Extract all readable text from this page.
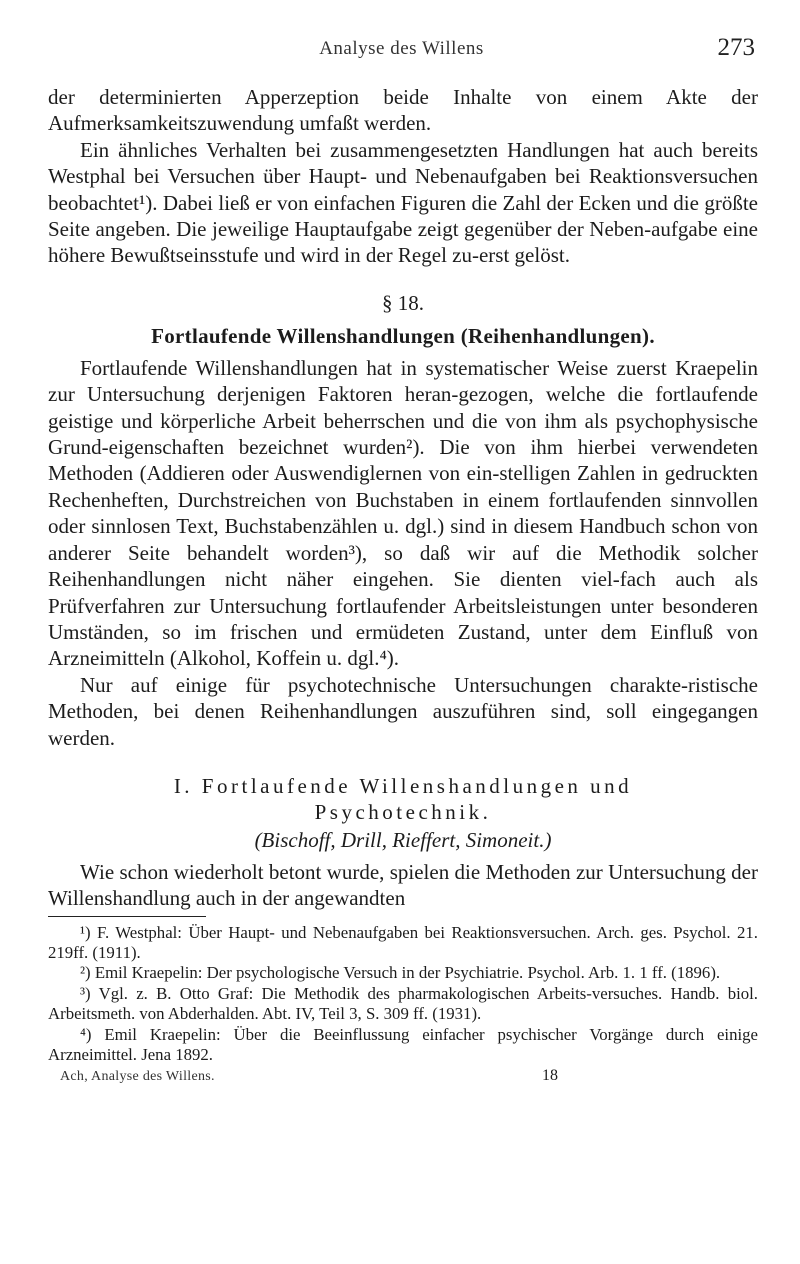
Analyse des Willens	273

der determinierten Apperzeption beide Inhalte von einem Akte der Aufmerksamkeitszuwendung umfaßt werden.

Ein ähnliches Verhalten bei zusammengesetzten Handlungen hat auch bereits Westphal bei Versuchen über Haupt- und Nebenaufgaben bei Reaktionsversuchen beobachtet¹). Dabei ließ er von einfachen Figuren die Zahl der Ecken und die größte Seite angeben. Die jeweilige Hauptaufgabe zeigt gegenüber der Neben-aufgabe eine höhere Bewußtseinsstufe und wird in der Regel zu-erst gelöst.

§ 18.
Fortlaufende Willenshandlungen (Reihenhandlungen).

Fortlaufende Willenshandlungen hat in systematischer Weise zuerst Kraepelin zur Untersuchung derjenigen Faktoren heran-gezogen, welche die fortlaufende geistige und körperliche Arbeit beherrschen und die von ihm als psychophysische Grund-eigenschaften bezeichnet wurden²). Die von ihm hierbei verwendeten Methoden (Addieren oder Auswendiglernen von ein-stelligen Zahlen in gedruckten Rechenheften, Durchstreichen von Buchstaben in einem fortlaufenden sinnvollen oder sinnlosen Text, Buchstabenzählen u. dgl.) sind in diesem Handbuch schon von anderer Seite behandelt worden³), so daß wir auf die Methodik solcher Reihenhandlungen nicht näher eingehen. Sie dienten viel-fach auch als Prüfverfahren zur Untersuchung fortlaufender Arbeitsleistungen unter besonderen Umständen, so im frischen und ermüdeten Zustand, unter dem Einfluß von Arzneimitteln (Alkohol, Koffein u. dgl.⁴).

Nur auf einige für psychotechnische Untersuchungen charakte-ristische Methoden, bei denen Reihenhandlungen auszuführen sind, soll eingegangen werden.

I. Fortlaufende Willenshandlungen und
Psychotechnik.
(Bischoff, Drill, Rieffert, Simoneit.)

Wie schon wiederholt betont wurde, spielen die Methoden zur Untersuchung der Willenshandlung auch in der angewandten

¹) F. Westphal: Über Haupt- und Nebenaufgaben bei Reaktionsversuchen. Arch. ges. Psychol. 21. 219ff. (1911).

²) Emil Kraepelin: Der psychologische Versuch in der Psychiatrie. Psychol. Arb. 1. 1 ff. (1896).

³) Vgl. z. B. Otto Graf: Die Methodik des pharmakologischen Arbeits-versuches. Handb. biol. Arbeitsmeth. von Abderhalden. Abt. IV, Teil 3, S. 309 ff. (1931).

⁴) Emil Kraepelin: Über die Beeinflussung einfacher psychischer Vorgänge durch einige Arzneimittel. Jena 1892.

Ach, Analyse des Willens.	18
